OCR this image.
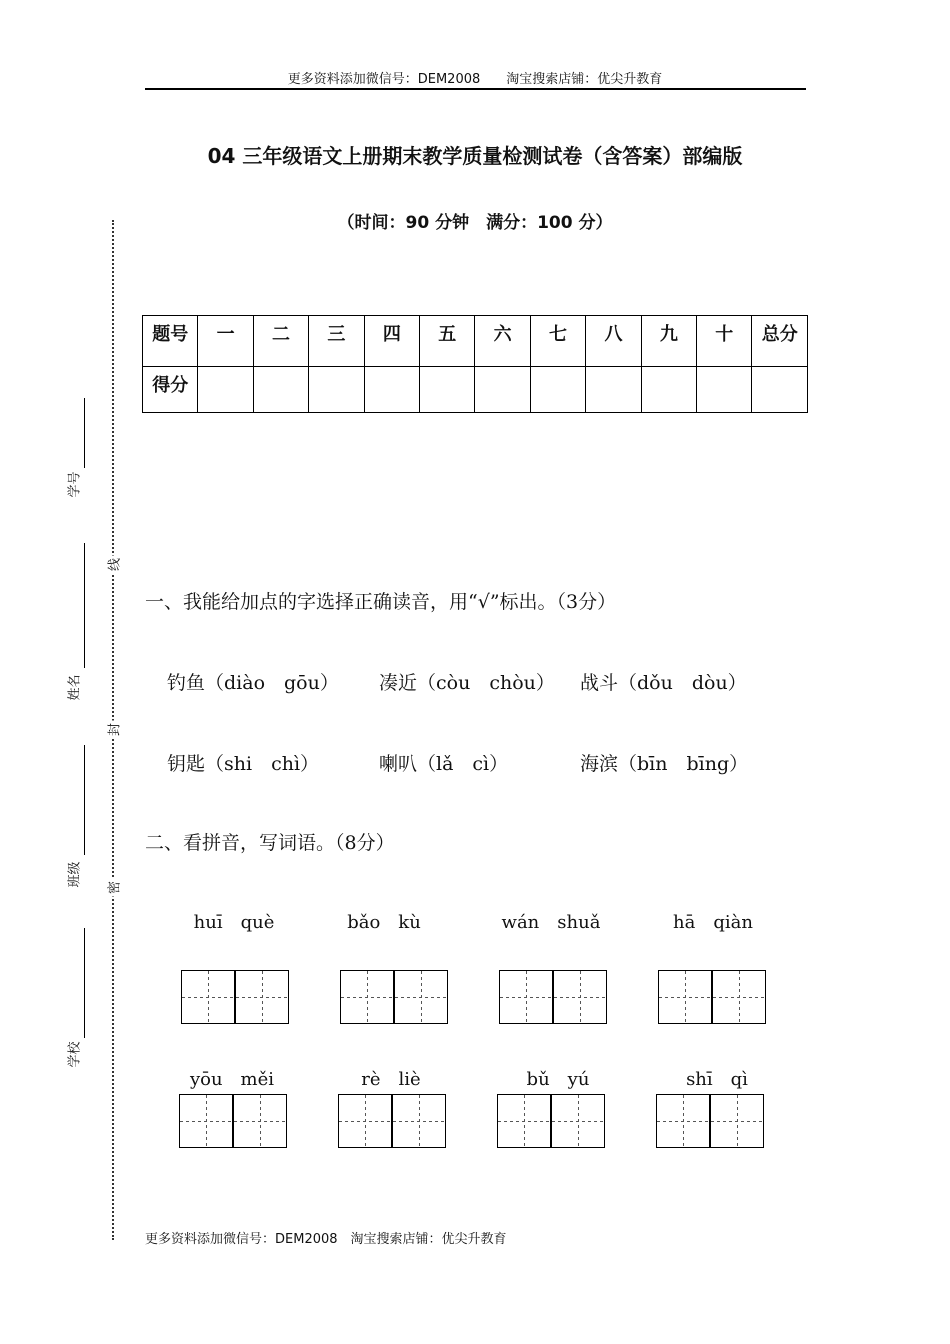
更多资料添加微信号：DEM2008　　淘宝搜索店铺：优尖升教育
04 三年级语文上册期末教学质量检测试卷（含答案）部编版
（时间：90 分钟　满分：100 分）
题号	一	二	三	四	五	六	七	八	九	十	总分
得分											
线
封
密
学号
姓名
班级
学校
一、我能给加点的字选择正确读音，用“√”标出。（3分）
钓鱼（diào　gōu） 凑近（còu　chòu） 战斗（dǒu　dòu）
钥匙（shi　chì）	喇叭（lǎ　cì）	海滨（bīn　bīng）
二、看拼音，写词语。（8分）
huī　què	bǎo　kù	wán　shuǎ	hā　qiàn
yōu　měi	rè　liè	bǔ　yú	shī　qì
更多资料添加微信号：DEM2008　淘宝搜索店铺：优尖升教育
